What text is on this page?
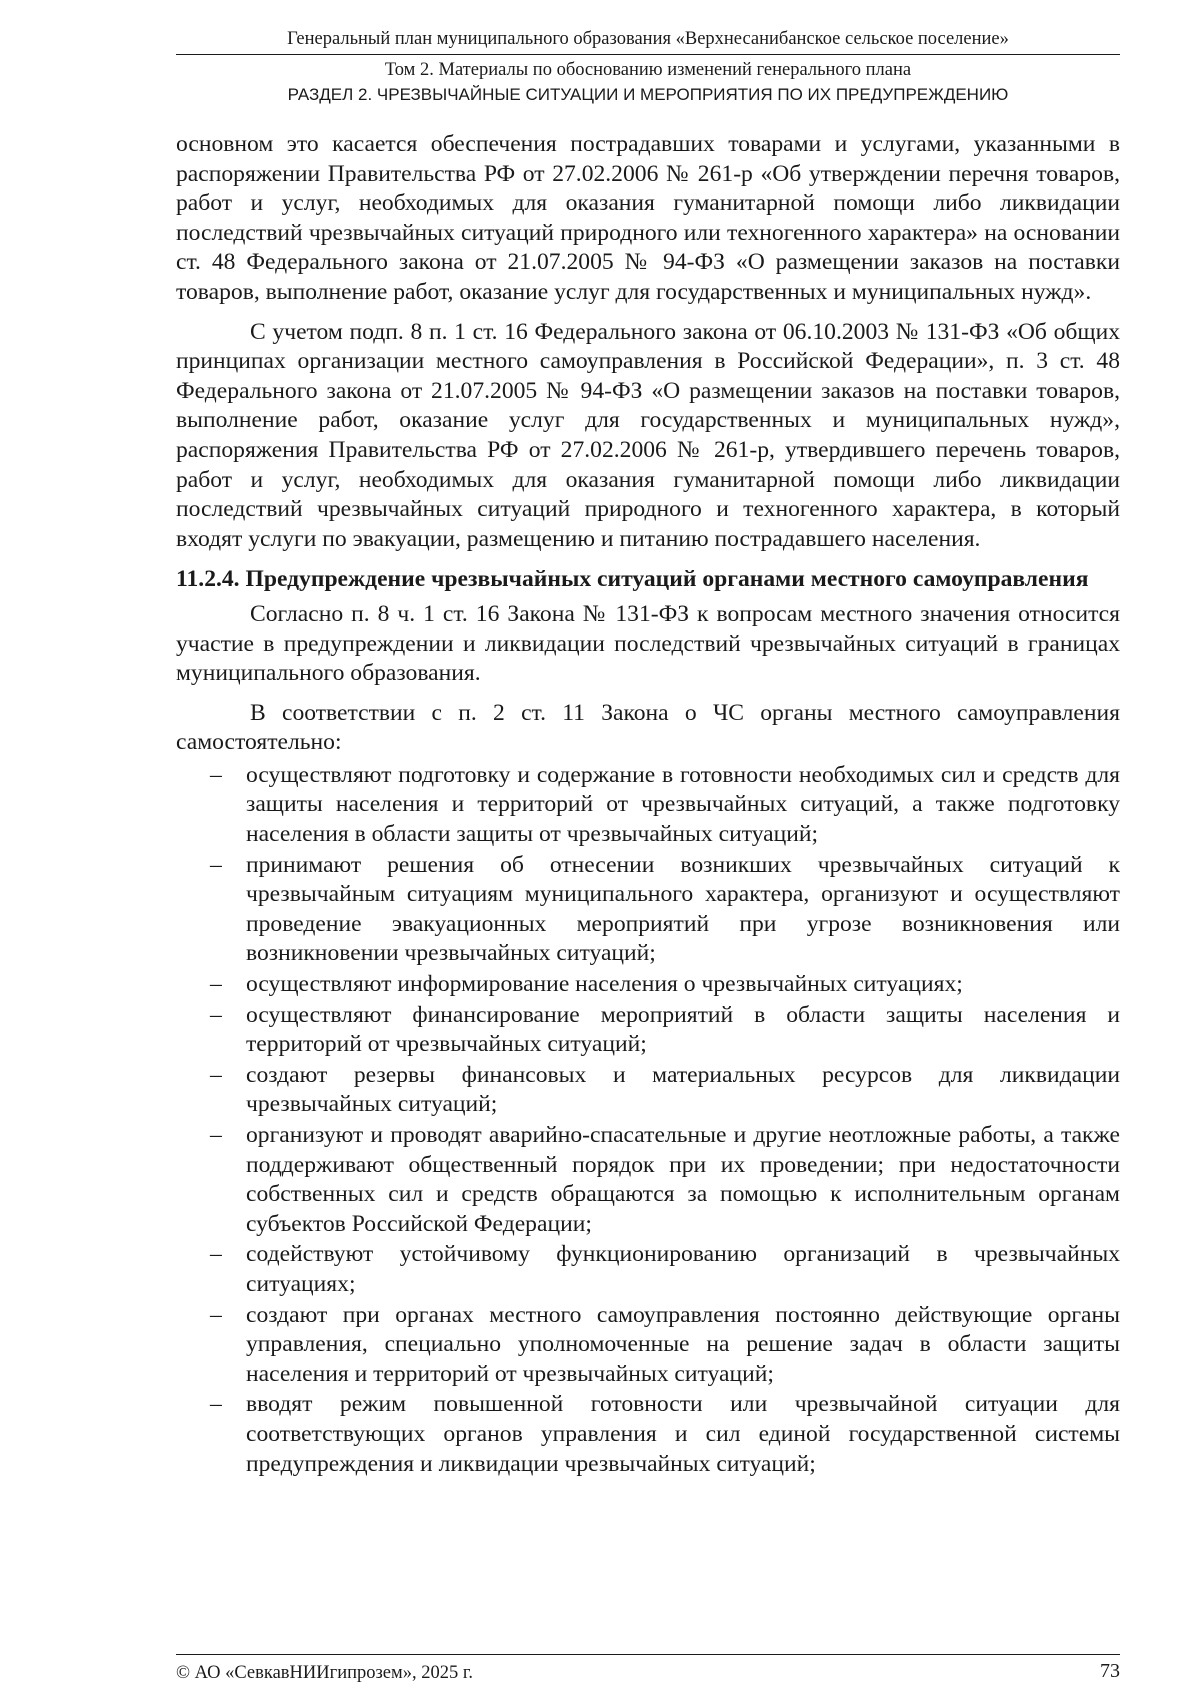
Генеральный план муниципального образования «Верхнесанибанское сельское поселение»
Том 2. Материалы по обоснованию изменений генерального плана
РАЗДЕЛ 2. ЧРЕЗВЫЧАЙНЫЕ СИТУАЦИИ И МЕРОПРИЯТИЯ ПО ИХ ПРЕДУПРЕЖДЕНИЮ

основном это касается обеспечения пострадавших товарами и услугами, указанными в распоряжении Правительства РФ от 27.02.2006 № 261-р «Об утверждении перечня товаров, работ и услуг, необходимых для оказания гуманитарной помощи либо ликвидации последствий чрезвычайных ситуаций природного или техногенного характера» на основании ст. 48 Федерального закона от 21.07.2005 № 94-ФЗ «О размещении заказов на поставки товаров, выполнение работ, оказание услуг для государственных и муниципальных нужд».

С учетом подп. 8 п. 1 ст. 16 Федерального закона от 06.10.2003 № 131-ФЗ «Об общих принципах организации местного самоуправления в Российской Федерации», п. 3 ст. 48 Федерального закона от 21.07.2005 № 94-ФЗ «О размещении заказов на поставки товаров, выполнение работ, оказание услуг для государственных и муниципальных нужд», распоряжения Правительства РФ от 27.02.2006 № 261-р, утвердившего перечень товаров, работ и услуг, необходимых для оказания гуманитарной помощи либо ликвидации последствий чрезвычайных ситуаций природного и техногенного характера, в который входят услуги по эвакуации, размещению и питанию пострадавшего населения.

11.2.4. Предупреждение чрезвычайных ситуаций органами местного самоуправления

Согласно п. 8 ч. 1 ст. 16 Закона № 131-ФЗ к вопросам местного значения относится участие в предупреждении и ликвидации последствий чрезвычайных ситуаций в границах муниципального образования.

В соответствии с п. 2 ст. 11 Закона о ЧС органы местного самоуправления самостоятельно:

– осуществляют подготовку и содержание в готовности необходимых сил и средств для защиты населения и территорий от чрезвычайных ситуаций, а также подготовку населения в области защиты от чрезвычайных ситуаций;
– принимают решения об отнесении возникших чрезвычайных ситуаций к чрезвычайным ситуациям муниципального характера, организуют и осуществляют проведение эвакуационных мероприятий при угрозе возникновения или возникновении чрезвычайных ситуаций;
– осуществляют информирование населения о чрезвычайных ситуациях;
– осуществляют финансирование мероприятий в области защиты населения и территорий от чрезвычайных ситуаций;
– создают резервы финансовых и материальных ресурсов для ликвидации чрезвычайных ситуаций;
– организуют и проводят аварийно-спасательные и другие неотложные работы, а также поддерживают общественный порядок при их проведении; при недостаточности собственных сил и средств обращаются за помощью к исполнительным органам субъектов Российской Федерации;
– содействуют устойчивому функционированию организаций в чрезвычайных ситуациях;
– создают при органах местного самоуправления постоянно действующие органы управления, специально уполномоченные на решение задач в области защиты населения и территорий от чрезвычайных ситуаций;
– вводят режим повышенной готовности или чрезвычайной ситуации для соответствующих органов управления и сил единой государственной системы предупреждения и ликвидации чрезвычайных ситуаций;
© АО «СевкавНИИгипрозем», 2025 г.	73
